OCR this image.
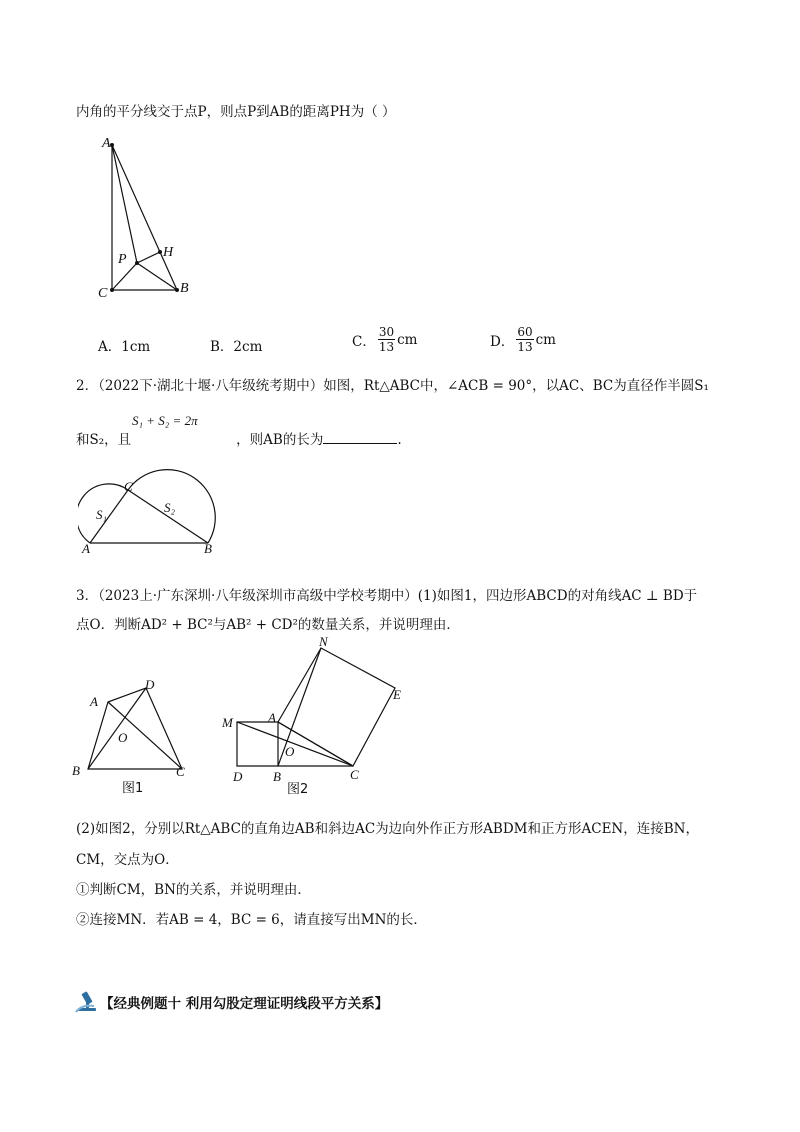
内角的平分线交于点P，则点P到AB的距离PH为（ ）
A
P	H
C	B
A．1cm	B．2cm	C． $\frac{30}{13}$ cm	D． $\frac{60}{13}$ cm
2．（2022下·湖北十堰·八年级统考期中）如图，Rt△ABC中，∠ACB = 90°，以AC、BC为直径作半圆S₁
S₁ + S₂ = 2π
和S₂，且	，则AB的长为	.
C
S₁	S₂
A	B
3．（2023上·广东深圳·八年级深圳市高级中学校考期中）(1)如图1，四边形ABCD的对角线AC ⊥ BD于
点O．判断AD² + BC²与AB² + CD²的数量关系，并说明理由．
A
D
O
B	C
图1
N
E
M	A
O
D B	C
图2
(2)如图2，分别以Rt△ABC的直角边AB和斜边AC为边向外作正方形ABDM和正方形ACEN，连接BN，
CM，交点为O．
①判断CM，BN的关系，并说明理由．
②连接MN．若AB = 4，BC = 6，请直接写出MN的长．
【经典例题十 利用勾股定理证明线段平方关系】
